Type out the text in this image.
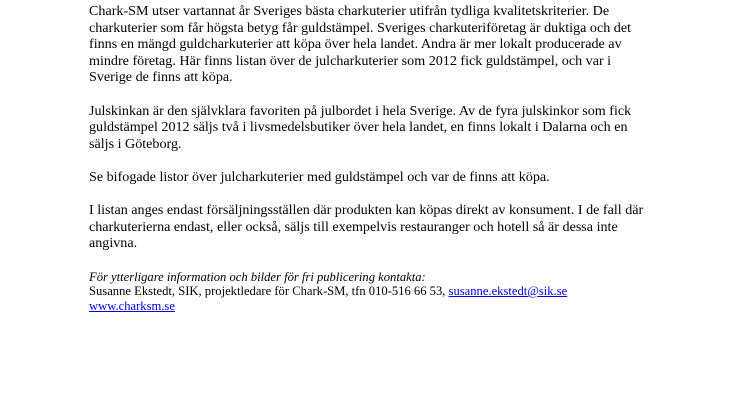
Chark-SM utser vartannat år Sveriges bästa charkuterier utifrån tydliga kvalitetskriterier. De charkuterier som får högsta betyg får guldstämpel. Sveriges charkuteriföretag är duktiga och det finns en mängd guldcharkuterier att köpa över hela landet. Andra är mer lokalt producerade av mindre företag. Här finns listan över de julcharkuterier som 2012 fick guldstämpel, och var i Sverige de finns att köpa.

Julskinkan är den självklara favoriten på julbordet i hela Sverige. Av de fyra julskinkor som fick guldstämpel 2012 säljs två i livsmedelsbutiker över hela landet, en finns lokalt i Dalarna och en säljs i Göteborg.

Se bifogade listor över julcharkuterier med guldstämpel och var de finns att köpa.

I listan anges endast försäljningsställen där produkten kan köpas direkt av konsument. I de fall där charkuterierna endast, eller också, säljs till exempelvis restauranger och hotell så är dessa inte angivna.

För ytterligare information och bilder för fri publicering kontakta:

Susanne Ekstedt, SIK, projektledare för Chark-SM, tfn 010-516 66 53, susanne.ekstedt@sik.se

www.charksm.se
